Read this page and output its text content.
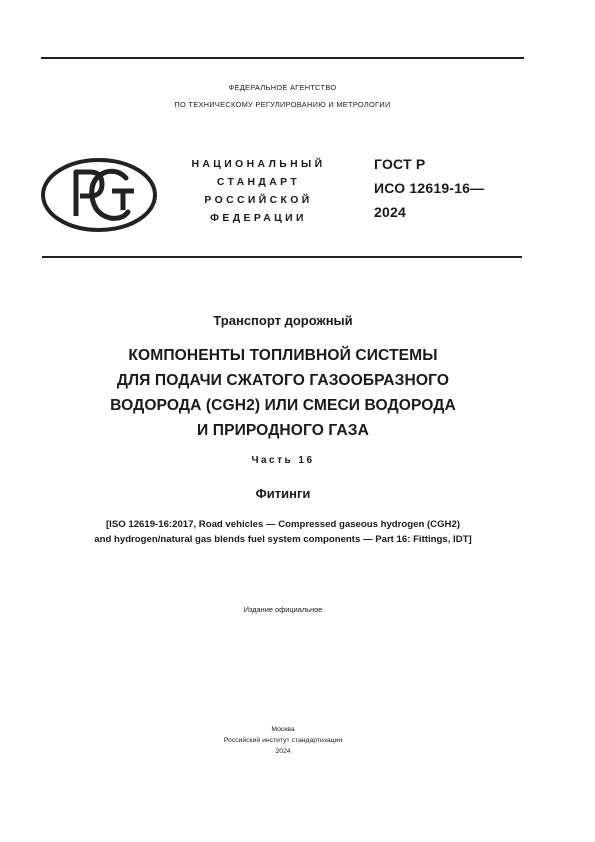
ФЕДЕРАЛЬНОЕ АГЕНТСТВО
ПО ТЕХНИЧЕСКОМУ РЕГУЛИРОВАНИЮ И МЕТРОЛОГИИ
НАЦИОНАЛЬНЫЙ
СТАНДАРТ
РОССИЙСКОЙ
ФЕДЕРАЦИИ
ГОСТ Р
ИСО 12619-16—
2024
Транспорт дорожный
КОМПОНЕНТЫ ТОПЛИВНОЙ СИСТЕМЫ
ДЛЯ ПОДАЧИ СЖАТОГО ГАЗООБРАЗНОГО
ВОДОРОДА (CGH2) ИЛИ СМЕСИ ВОДОРОДА
И ПРИРОДНОГО ГАЗА
Часть 16
Фитинги
[ISO 12619-16:2017, Road vehicles — Compressed gaseous hydrogen (CGH2)
and hydrogen/natural gas blends fuel system components — Part 16: Fittings, IDT]
Издание официальное
Москва
Российский институт стандартизации
2024
